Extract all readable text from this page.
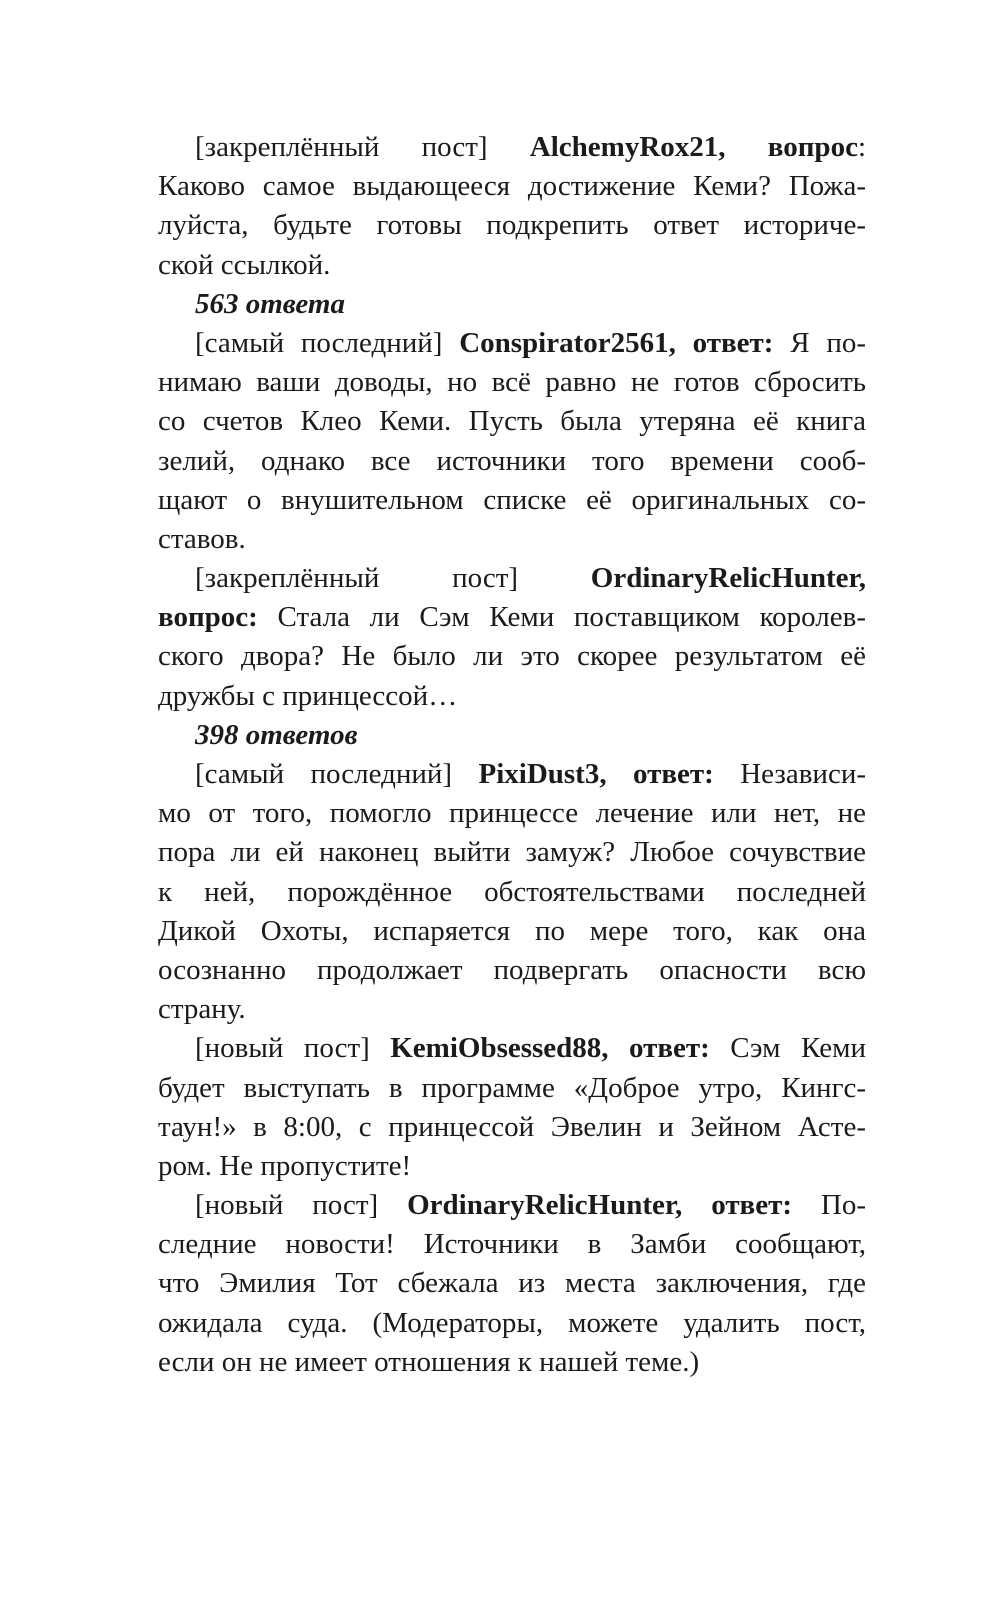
[закреплённый пост] AlchemyRox21, вопрос:
Каково самое выдающееся достижение Кеми? Пожа-
луйста, будьте готовы подкрепить ответ историче-
ской ссылкой.
563 ответа
[самый последний] Conspirator2561, ответ: Я по-
нимаю ваши доводы, но всё равно не готов сбросить
со счетов Клео Кеми. Пусть была утеряна её книга
зелий, однако все источники того времени сооб-
щают о внушительном списке её оригинальных со-
ставов.
[закреплённый пост] OrdinaryRelicHunter,
вопрос: Стала ли Сэм Кеми поставщиком королев-
ского двора? Не было ли это скорее результатом её
дружбы с принцессой…
398 ответов
[самый последний] PixiDust3, ответ: Независи-
мо от того, помогло принцессе лечение или нет, не
пора ли ей наконец выйти замуж? Любое сочувствие
к ней, порождённое обстоятельствами последней
Дикой Охоты, испаряется по мере того, как она
осознанно продолжает подвергать опасности всю
страну.
[новый пост] KemiObsessed88, ответ: Сэм Кеми
будет выступать в программе «Доброе утро, Кингс-
таун!» в 8:00, с принцессой Эвелин и Зейном Асте-
ром. Не пропустите!
[новый пост] OrdinaryRelicHunter, ответ: По-
следние новости! Источники в Замби сообщают,
что Эмилия Тот сбежала из места заключения, где
ожидала суда. (Модераторы, можете удалить пост,
если он не имеет отношения к нашей теме.)
